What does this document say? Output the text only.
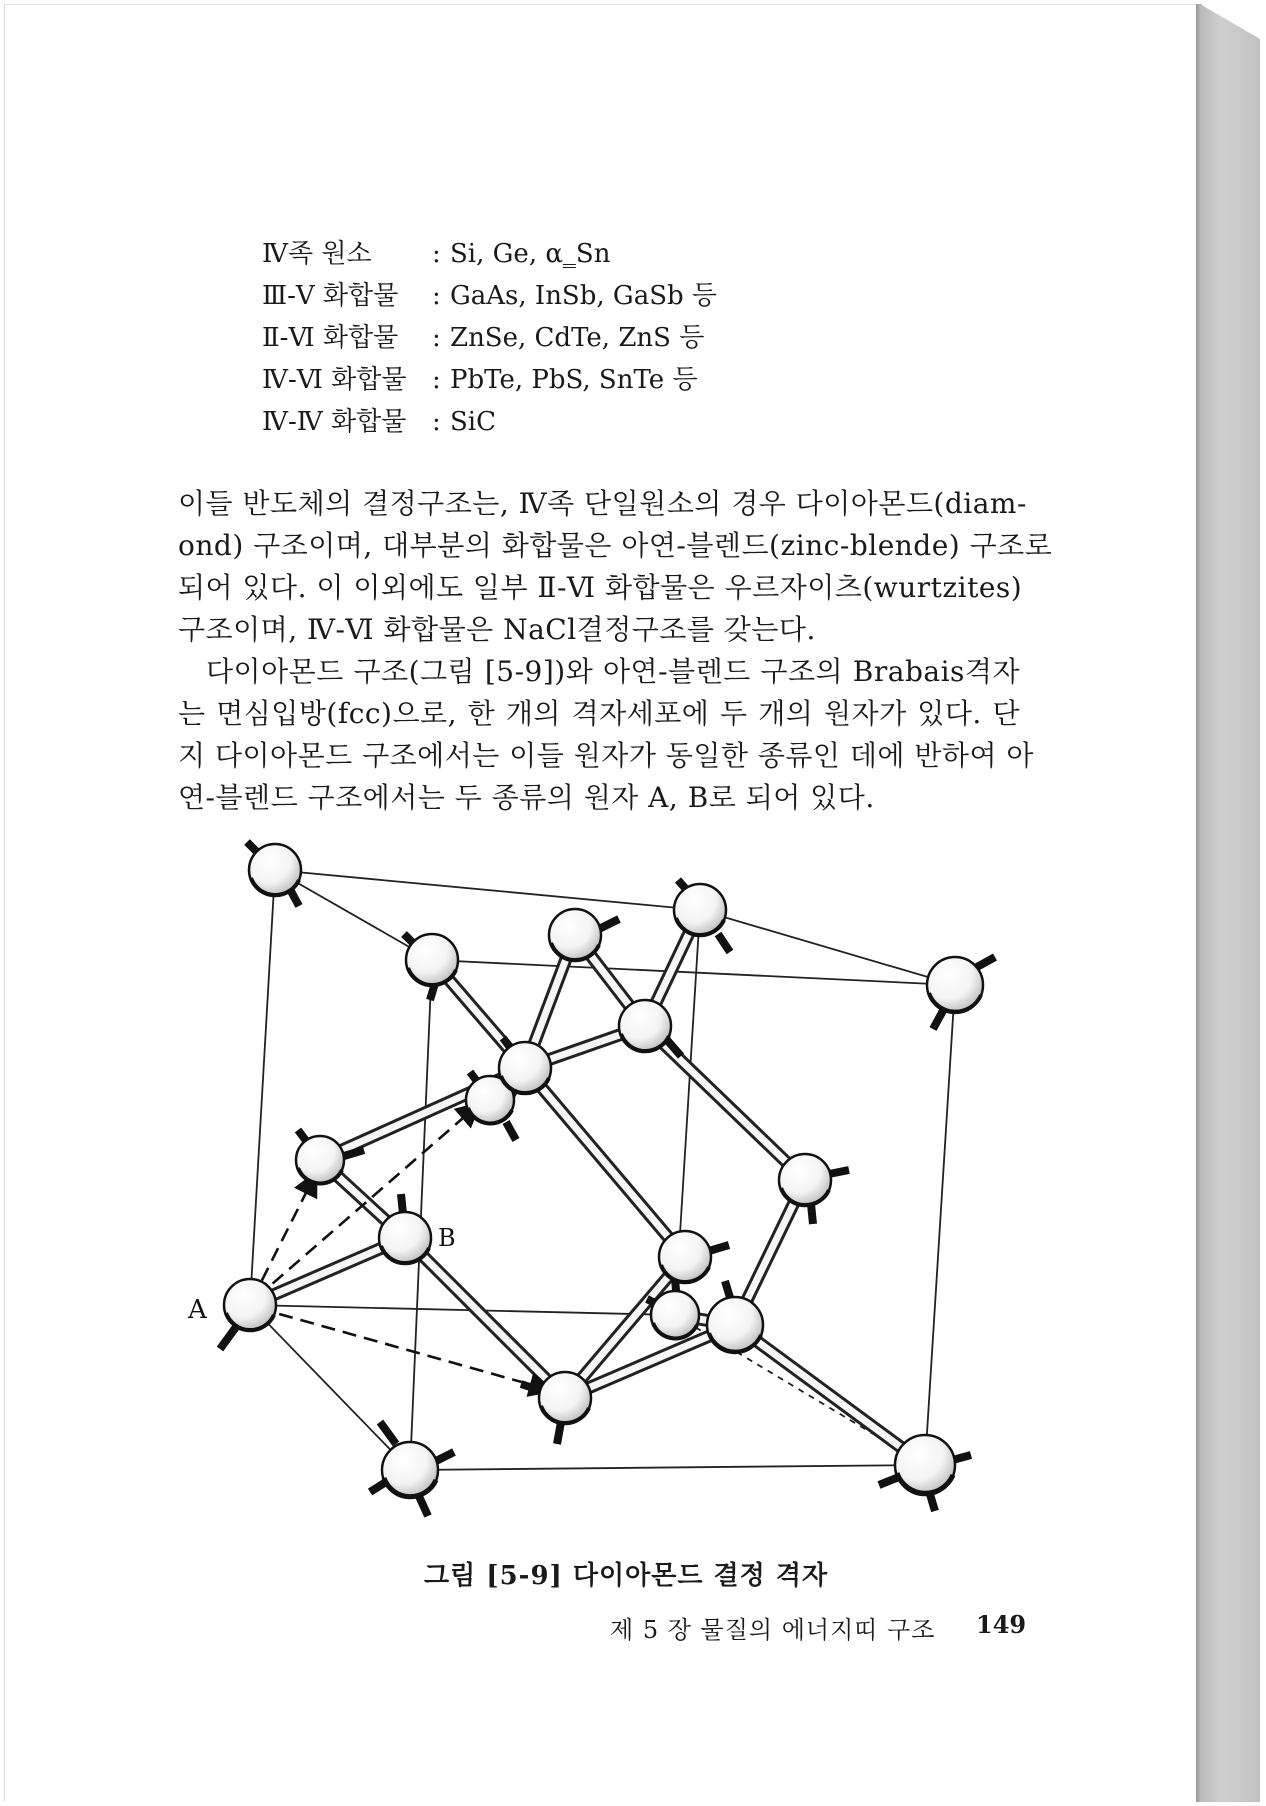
Ⅳ족 원소 : Si, Ge, α‗Sn
Ⅲ-Ⅴ 화합물 : GaAs, InSb, GaSb 등
Ⅱ-Ⅵ 화합물 : ZnSe, CdTe, ZnS 등
Ⅳ-Ⅵ 화합물 : PbTe, PbS, SnTe 등
Ⅳ-Ⅳ 화합물 : SiC
이들 반도체의 결정구조는, Ⅳ족 단일원소의 경우 다이아몬드(diam-
ond) 구조이며, 대부분의 화합물은 아연-블렌드(zinc-blende) 구조로
되어 있다. 이 이외에도 일부 Ⅱ-Ⅵ 화합물은 우르자이츠(wurtzites)
구조이며, Ⅳ-Ⅵ 화합물은 NaCl결정구조를 갖는다.
다이아몬드 구조(그림 [5-9])와 아연-블렌드 구조의 Brabais격자
는 면심입방(fcc)으로, 한 개의 격자세포에 두 개의 원자가 있다. 단
지 다이아몬드 구조에서는 이들 원자가 동일한 종류인 데에 반하여 아
연-블렌드 구조에서는 두 종류의 원자 A, B로 되어 있다.
A
B
그림 [5-9] 다이아몬드 결정 격자
제 5 장 물질의 에너지띠 구조 149
